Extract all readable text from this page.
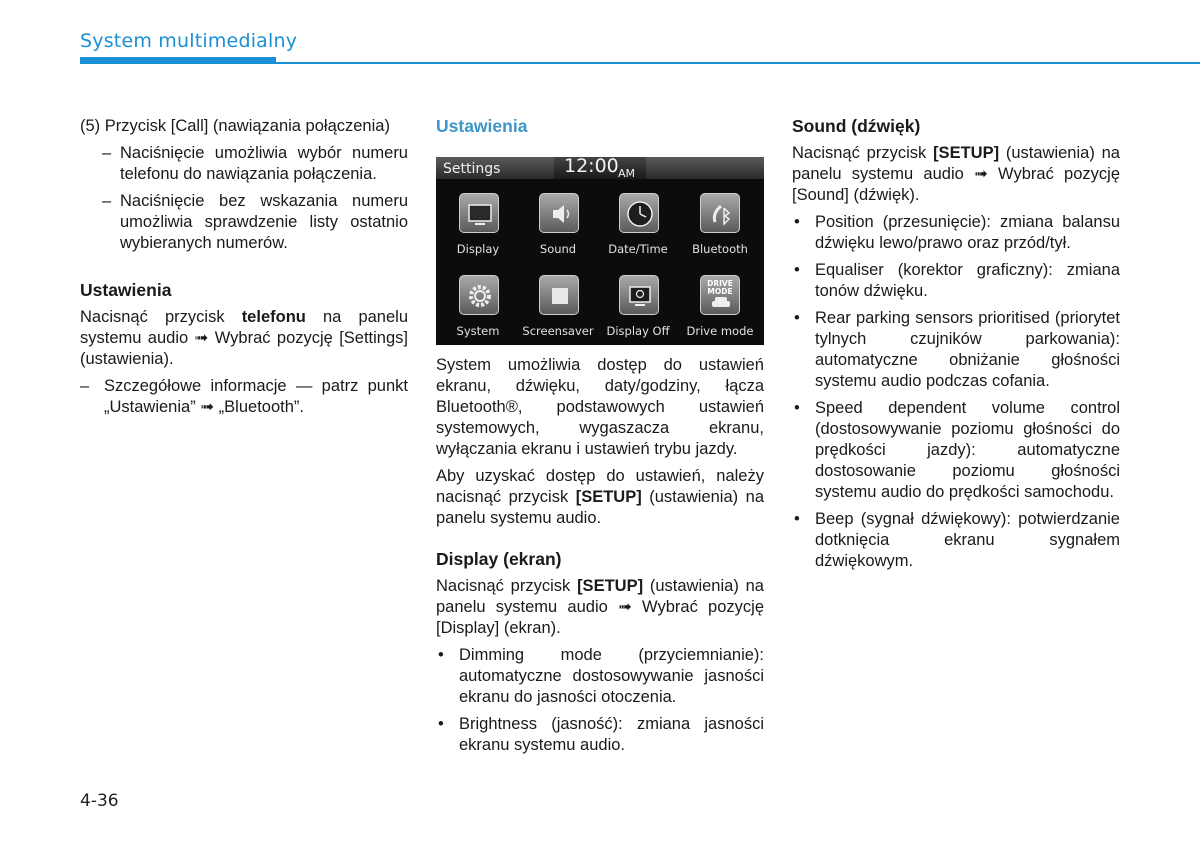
System multimedialny

(5) Przycisk [Call] (nawiązania połączenia)

– Naciśnięcie umożliwia wybór numeru telefonu do nawiązania połączenia.
– Naciśnięcie bez wskazania numeru umożliwia sprawdzenie listy ostatnio wybieranych numerów.
Ustawienia

Nacisnąć przycisk telefonu na panelu systemu audio ➟ Wybrać pozycję [Settings] (ustawienia).

– Szczegółowe informacje — patrz punkt „Ustawienia” ➟ „Bluetooth”.
Ustawienia
Settings	12:00 AM
Display	Sound	Date/Time	Bluetooth
System	Screensaver	Display Off
DRIVE MODE
Drive mode

System umożliwia dostęp do ustawień ekranu, dźwięku, daty/godziny, łącza Bluetooth®, podstawowych ustawień systemowych, wygaszacza ekranu, wyłączania ekranu i ustawień trybu jazdy.

Aby uzyskać dostęp do ustawień, należy nacisnąć przycisk [SETUP] (ustawienia) na panelu systemu audio.

Display (ekran)

Nacisnąć przycisk [SETUP] (ustawienia) na panelu systemu audio ➟ Wybrać pozycję [Display] (ekran).

• Dimming mode (przyciemnianie): automatyczne dostosowywanie jasności ekranu do jasności otoczenia.
• Brightness (jasność): zmiana jasności ekranu systemu audio.
Sound (dźwięk)

Nacisnąć przycisk [SETUP] (ustawienia) na panelu systemu audio ➟ Wybrać pozycję [Sound] (dźwięk).

• Position (przesunięcie): zmiana balansu dźwięku lewo/prawo oraz przód/tył.
• Equaliser (korektor graficzny): zmiana tonów dźwięku.
• Rear parking sensors prioritised (priorytet tylnych czujników parkowania): automatyczne obniżanie głośności systemu audio podczas cofania.
• Speed dependent volume control (dostosowywanie poziomu głośności do prędkości jazdy): automatyczne dostosowanie poziomu głośności systemu audio do prędkości samochodu.
• Beep (sygnał dźwiękowy): potwierdzanie dotknięcia ekranu sygnałem dźwiękowym.
4-36
